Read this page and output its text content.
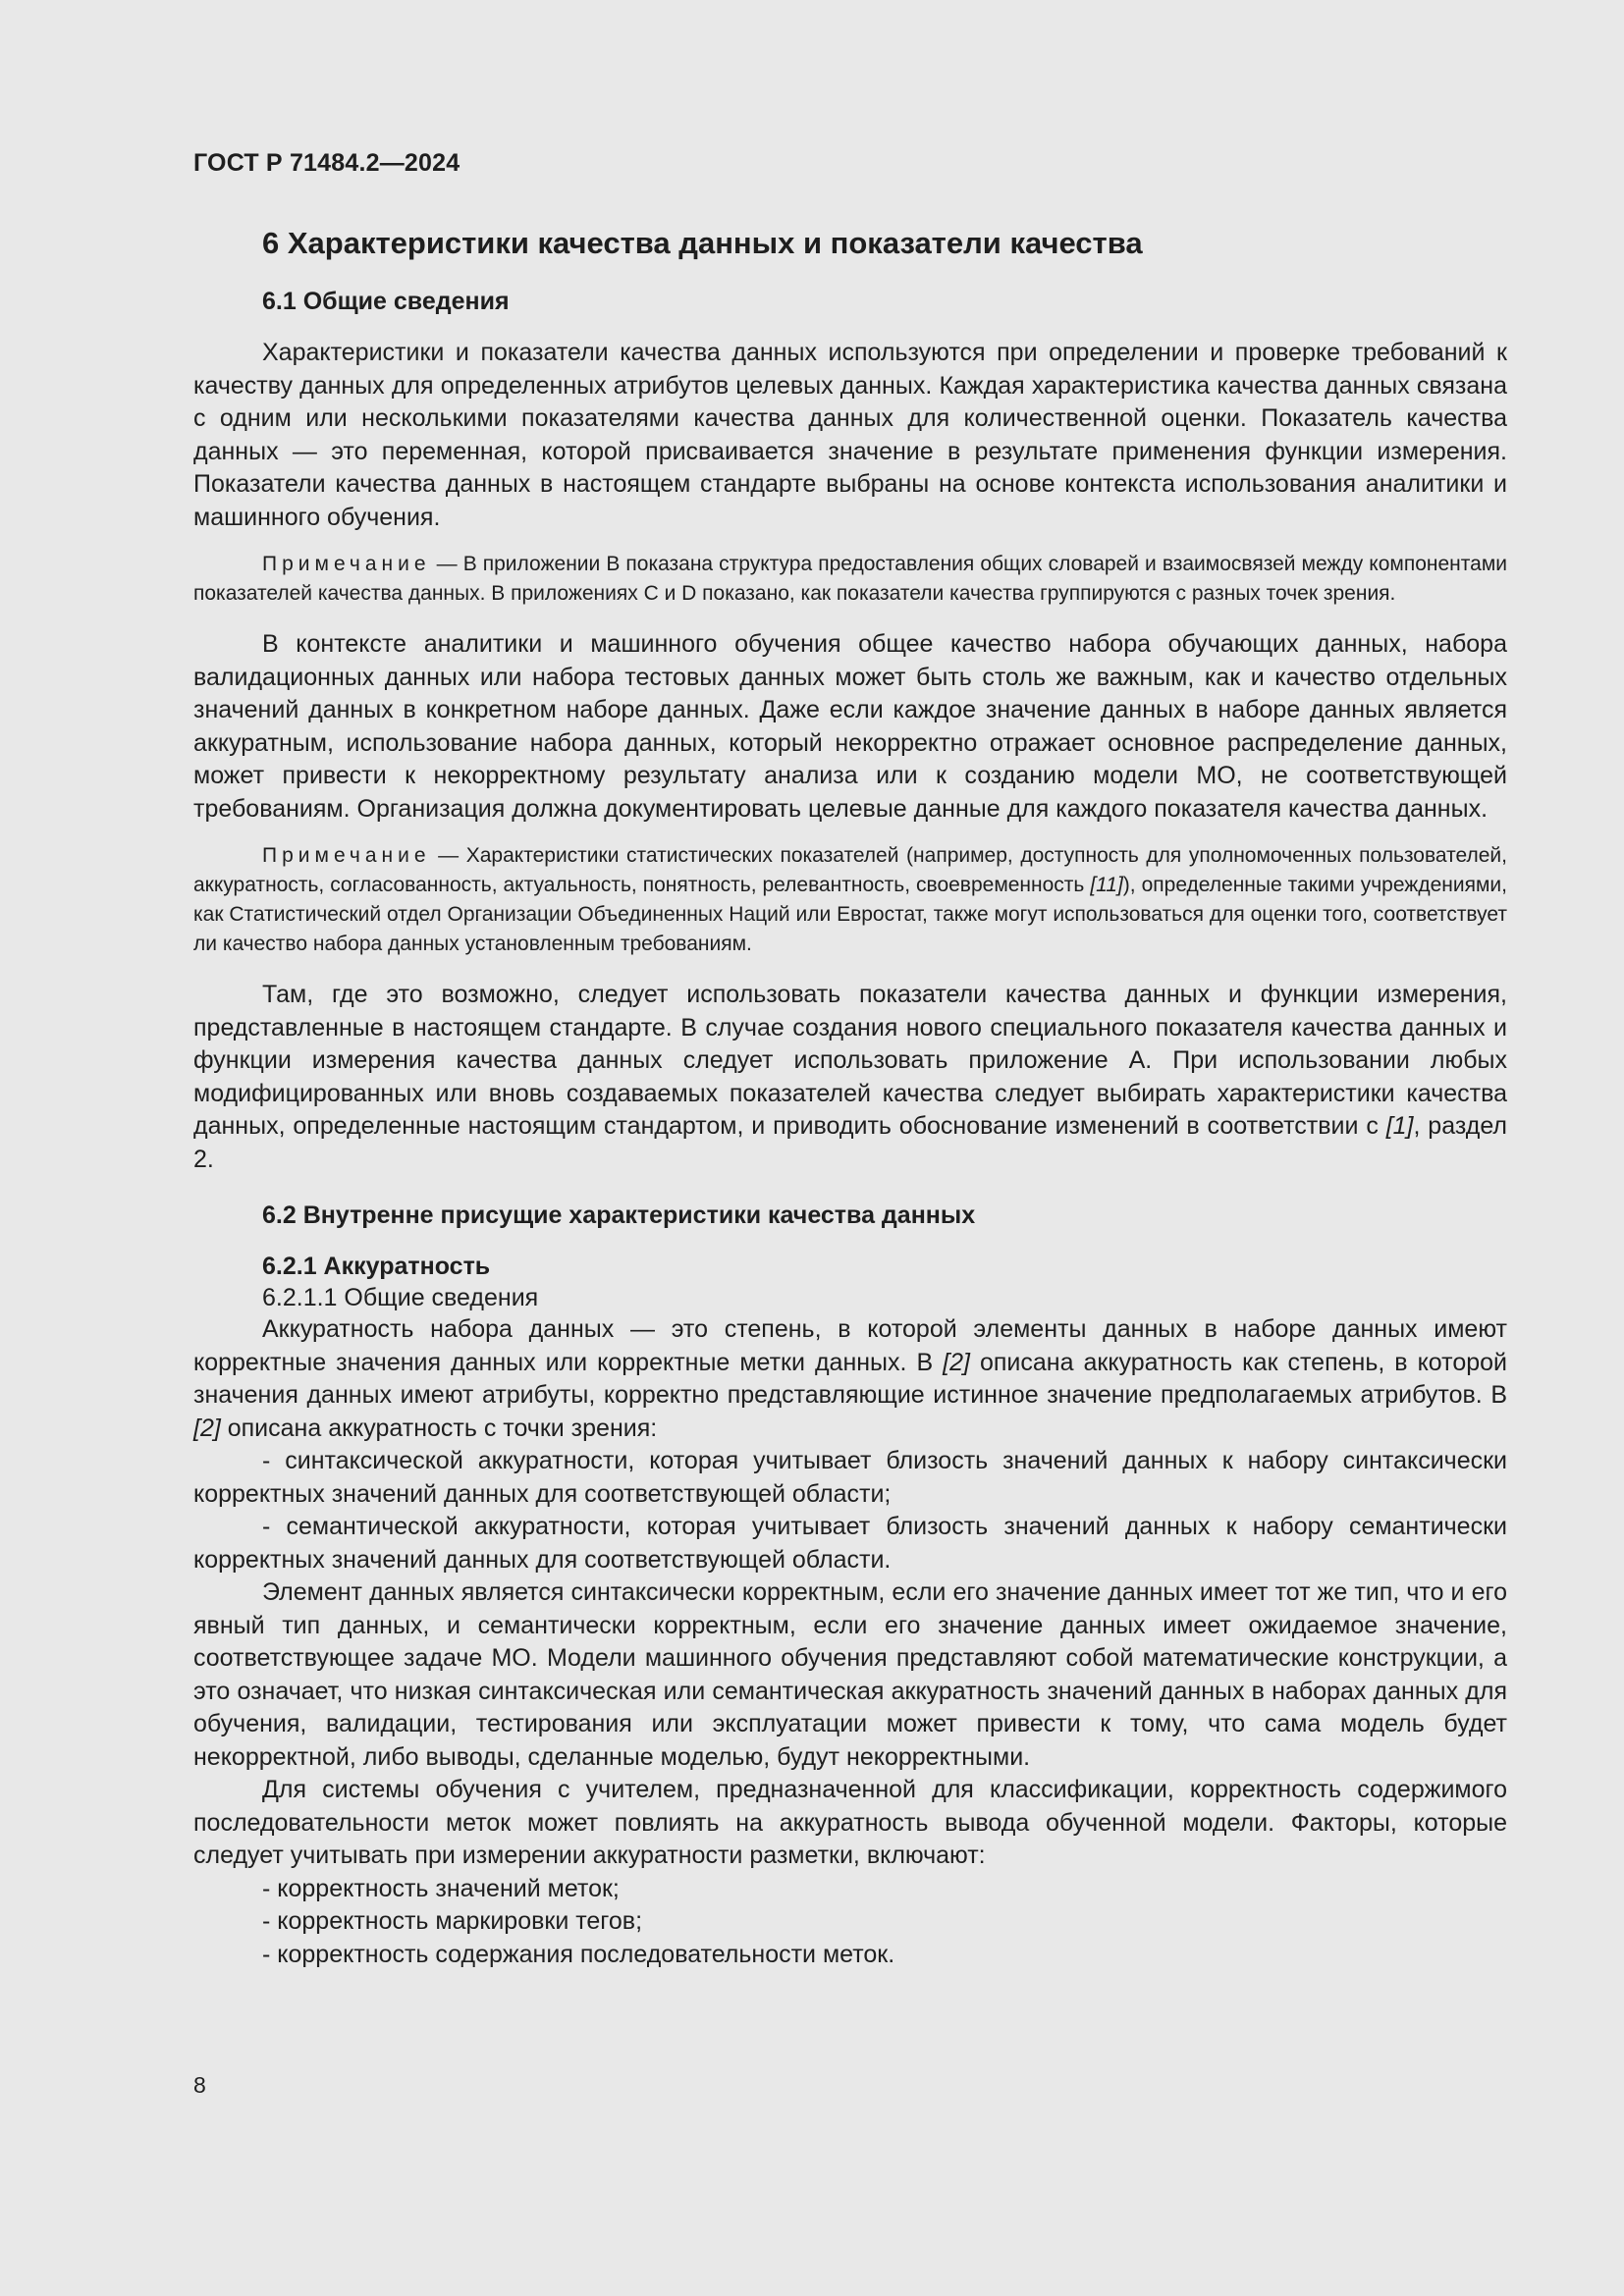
ГОСТ Р 71484.2—2024
6 Характеристики качества данных и показатели качества
6.1 Общие сведения

Характеристики и показатели качества данных используются при определении и проверке требований к качеству данных для определенных атрибутов целевых данных. Каждая характеристика качества данных связана с одним или несколькими показателями качества данных для количественной оценки. Показатель качества данных — это переменная, которой присваивается значение в результате применения функции измерения. Показатели качества данных в настоящем стандарте выбраны на основе контекста использования аналитики и машинного обучения.

Примечание — В приложении B показана структура предоставления общих словарей и взаимосвязей между компонентами показателей качества данных. В приложениях C и D показано, как показатели качества группируются с разных точек зрения.

В контексте аналитики и машинного обучения общее качество набора обучающих данных, набора валидационных данных или набора тестовых данных может быть столь же важным, как и качество отдельных значений данных в конкретном наборе данных. Даже если каждое значение данных в наборе данных является аккуратным, использование набора данных, который некорректно отражает основное распределение данных, может привести к некорректному результату анализа или к созданию модели МО, не соответствующей требованиям. Организация должна документировать целевые данные для каждого показателя качества данных.

Примечание — Характеристики статистических показателей (например, доступность для уполномоченных пользователей, аккуратность, согласованность, актуальность, понятность, релевантность, своевременность [11]), определенные такими учреждениями, как Статистический отдел Организации Объединенных Наций или Евростат, также могут использоваться для оценки того, соответствует ли качество набора данных установленным требованиям.

Там, где это возможно, следует использовать показатели качества данных и функции измерения, представленные в настоящем стандарте. В случае создания нового специального показателя качества данных и функции измерения качества данных следует использовать приложение А. При использовании любых модифицированных или вновь создаваемых показателей качества следует выбирать характеристики качества данных, определенные настоящим стандартом, и приводить обоснование изменений в соответствии с [1], раздел 2.

6.2 Внутренне присущие характеристики качества данных
6.2.1 Аккуратность
6.2.1.1 Общие сведения

Аккуратность набора данных — это степень, в которой элементы данных в наборе данных имеют корректные значения данных или корректные метки данных. В [2] описана аккуратность как степень, в которой значения данных имеют атрибуты, корректно представляющие истинное значение предполагаемых атрибутов. В [2] описана аккуратность с точки зрения:

- синтаксической аккуратности, которая учитывает близость значений данных к набору синтаксически корректных значений данных для соответствующей области;

- семантической аккуратности, которая учитывает близость значений данных к набору семантически корректных значений данных для соответствующей области.

Элемент данных является синтаксически корректным, если его значение данных имеет тот же тип, что и его явный тип данных, и семантически корректным, если его значение данных имеет ожидаемое значение, соответствующее задаче МО. Модели машинного обучения представляют собой математические конструкции, а это означает, что низкая синтаксическая или семантическая аккуратность значений данных в наборах данных для обучения, валидации, тестирования или эксплуатации может привести к тому, что сама модель будет некорректной, либо выводы, сделанные моделью, будут некорректными.

Для системы обучения с учителем, предназначенной для классификации, корректность содержимого последовательности меток может повлиять на аккуратность вывода обученной модели. Факторы, которые следует учитывать при измерении аккуратности разметки, включают:

- корректность значений меток;

- корректность маркировки тегов;

- корректность содержания последовательности меток.

8
